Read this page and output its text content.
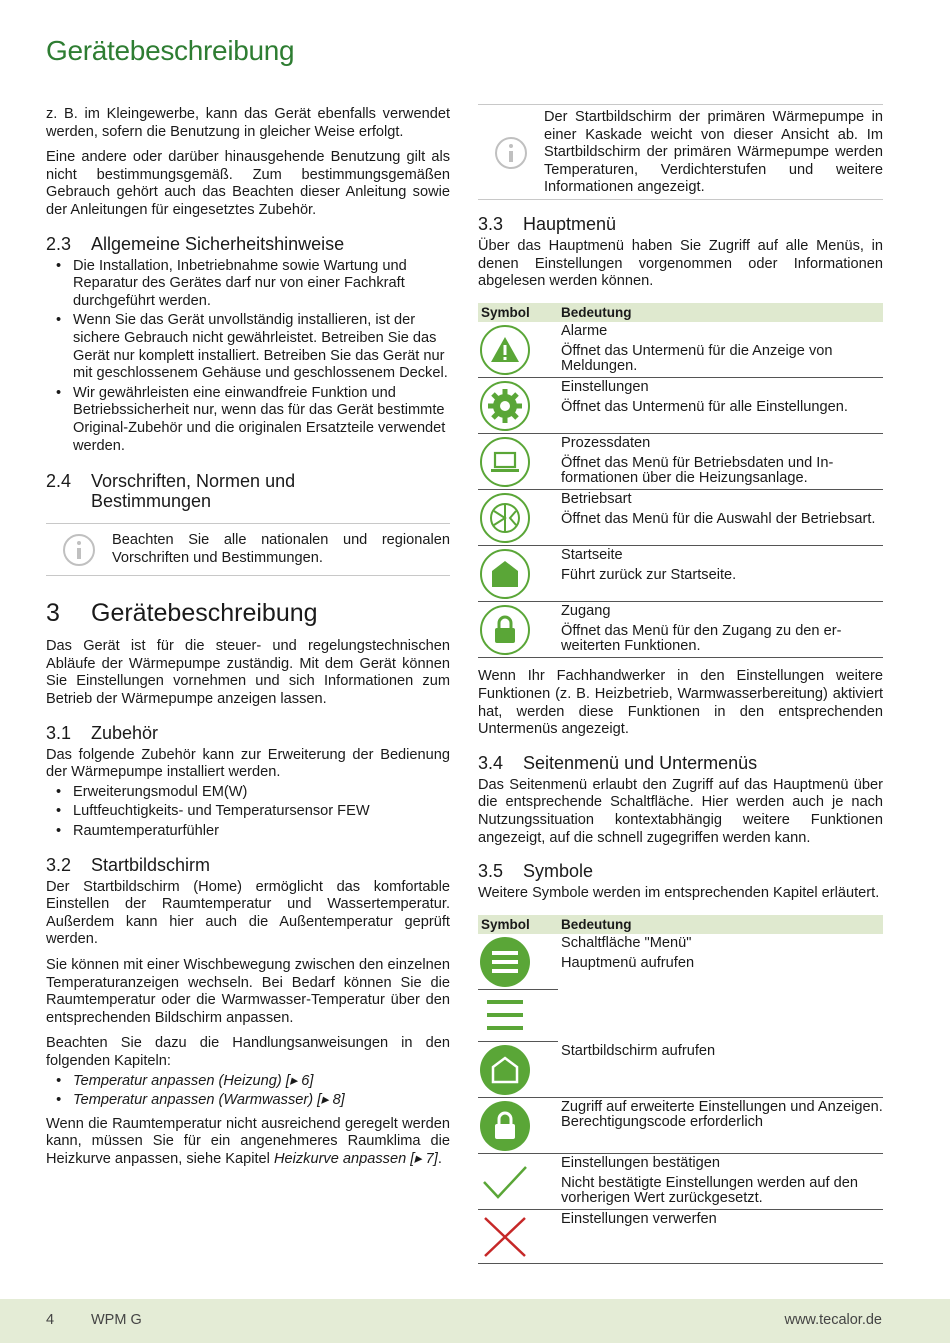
Gerätebeschreibung

z. B. im Kleingewerbe, kann das Gerät ebenfalls verwendet werden, sofern die Benutzung in gleicher Weise erfolgt.

Eine andere oder darüber hinausgehende Benutzung gilt als nicht bestimmungsgemäß. Zum bestimmungsgemäßen Gebrauch gehört auch das Beachten dieser Anleitung sowie der Anleitungen für eingesetztes Zubehör.

2.3	Allgemeine Sicherheitshinweise
• Die Installation, Inbetriebnahme sowie Wartung und Reparatur des Gerätes darf nur von einer Fachkraft durchgeführt werden.
• Wenn Sie das Gerät unvollständig installieren, ist der sichere Gebrauch nicht gewährleistet. Betreiben Sie das Gerät nur komplett installiert. Betreiben Sie das Gerät nur mit geschlossenem Gehäuse und geschlossenem Deckel.
• Wir gewährleisten eine einwandfreie Funktion und Betriebssicherheit nur, wenn das für das Gerät bestimmte Original-Zubehör und die originalen Ersatzteile verwendet werden.
2.4	Vorschriften, Normen und Bestimmungen
Beachten Sie alle nationalen und regionalen Vorschriften und Bestimmungen.
3	Gerätebeschreibung

Das Gerät ist für die steuer- und regelungstechnischen Abläufe der Wärmepumpe zuständig. Mit dem Gerät können Sie Einstellungen vornehmen und sich Informationen zum Betrieb der Wärmepumpe anzeigen lassen.

3.1	Zubehör

Das folgende Zubehör kann zur Erweiterung der Bedienung der Wärmepumpe installiert werden.

• Erweiterungsmodul EM(W)
• Luftfeuchtigkeits- und Temperatursensor FEW
• Raumtemperaturfühler
3.2	Startbildschirm

Der Startbildschirm (Home) ermöglicht das komfortable Einstellen der Raumtemperatur und Wassertemperatur. Außerdem kann hier auch die Außentemperatur geprüft werden.

Sie können mit einer Wischbewegung zwischen den einzelnen Temperaturanzeigen wechseln. Bei Bedarf können Sie die Raumtemperatur oder die Warmwasser-Temperatur über den entsprechenden Bildschirm anpassen.

Beachten Sie dazu die Handlungsanweisungen in den folgenden Kapiteln:

• Temperatur anpassen (Heizung) [▸ 6]
• Temperatur anpassen (Warmwasser) [▸ 8]

Wenn die Raumtemperatur nicht ausreichend geregelt werden kann, müssen Sie für ein angenehmeres Raumklima die Heizkurve anpassen, siehe Kapitel Heizkurve anpassen [▸ 7].

Der Startbildschirm der primären Wärmepumpe in einer Kaskade weicht von dieser Ansicht ab. Im Startbildschirm der primären Wärmepumpe werden Temperaturen, Verdichterstufen und weitere Informationen angezeigt.
3.3	Hauptmenü

Über das Hauptmenü haben Sie Zugriff auf alle Menüs, in denen Einstellungen vorgenommen oder Informationen abgelesen werden können.

Symbol	Bedeutung

Alarme
Öffnet das Untermenü für die Anzeige von Meldungen.

Einstellungen
Öffnet das Untermenü für alle Einstellungen.

Prozessdaten
Öffnet das Menü für Betriebsdaten und Informationen über die Heizungsanlage.

Betriebsart
Öffnet das Menü für die Auswahl der Betriebsart.

Startseite
Führt zurück zur Startseite.

Zugang
Öffnet das Menü für den Zugang zu den erweiterten Funktionen.

Wenn Ihr Fachhandwerker in den Einstellungen weitere Funktionen (z. B. Heizbetrieb, Warmwasserbereitung) aktiviert hat, werden diese Funktionen in den entsprechenden Untermenüs angezeigt.

3.4	Seitenmenü und Untermenüs

Das Seitenmenü erlaubt den Zugriff auf das Hauptmenü über die entsprechende Schaltfläche. Hier werden auch je nach Nutzungssituation kontextabhängig weitere Funktionen angezeigt, auf die schnell zugegriffen werden kann.

3.5	Symbole

Weitere Symbole werden im entsprechenden Kapitel erläutert.

Symbol	Bedeutung

Schaltfläche "Menü"
Hauptmenü aufrufen

Startbildschirm aufrufen

Zugriff auf erweiterte Einstellungen und Anzeigen. Berechtigungscode erforderlich

Einstellungen bestätigen
Nicht bestätigte Einstellungen werden auf den vorherigen Wert zurückgesetzt.

Einstellungen verwerfen
4	WPM G	www.tecalor.de
